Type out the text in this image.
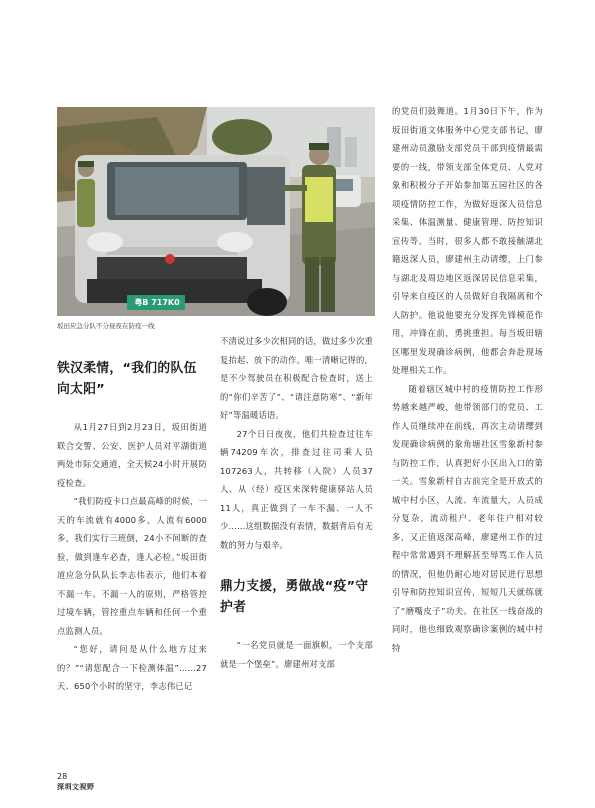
粤B 717K0
坂田应急分队不分昼夜在防疫一线
铁汉柔情，“我们的队伍向太阳”

从1月27日到2月23日，坂田街道联合交警、公安、医护人员对平湖街道两处市际交通道，全天候24小时开展防疫检查。

“我们防疫卡口点最高峰的时候，一天的车流就有4000多，人流有6000多，我们实行三班倒，24小不间断的查验，做到逢车必查，逢人必检。”坂田街道应急分队队长李志伟表示，他们本着不漏一车、不漏一人的原则，严格管控过境车辆，管控重点车辆和任何一个重点监测人员。

“您好，请问是从什么地方过来的？”“请您配合一下检测体温”……27天、650个小时的坚守，李志伟已记

不清说过多少次相同的话，做过多少次重复抬起、放下的动作。唯一清晰记得的，是不少驾驶员在积极配合检查时，送上的“你们辛苦了”、“请注意防寒”、“新年好”等温暖话语。

27个日日夜夜，他们共检查过往车辆74209车次，排查过往司乘人员107263人，共转移（入院）人员37人、从（经）疫区来深转健康驿站人员11人，真正做到了一车不漏、一人不少……这组数据没有表情，数据背后有无数的努力与艰辛。

鼎力支援，勇做战“疫”守护者

“一名党员就是一面旗帜，一个支部就是一个堡垒”。廖建州对支部

的党员们鼓舞道。1月30日下午，作为坂田街道文体服务中心党支部书记，廖建州动员激励支部党员干部到疫情最需要的一线，带领支部全体党员、人党对象和积极分子开始参加第五园社区的各项疫情防控工作，为做好返深人员信息采集、体温测量、健康管理、防控知识宣传等。当时，很多人都不敢接触湖北籍返深人员，廖建州主动请缨，上门参与湖北及周边地区返深居民信息采集，引导来自疫区的人员做好自我隔离和个人防护。他说他要充分发挥先锋模范作用，冲锋在前，勇挑重担。每当坂田辖区哪里发现确诊病例，他都会奔赴现场处理相关工作。

随着辖区城中村的疫情防控工作形势越来越严峻，他带领部门的党员、工作人员继续冲在前线，再次主动请缨到发现确诊病例的象角塘社区雪象新村参与防控工作，认真把好小区出入口的第一关。雪象新村自古前完全是开放式的城中村小区，人流、车流量大，人员成分复杂，流动租户、老年住户相对较多，又正值返深高峰，廖建州工作的过程中常常遇到不理解甚至辱骂工作人员的情况，但他仍耐心地对居民进行思想引导和防控知识宣传，短短几天就练就了“磨嘴皮子”功夫。在社区一线奋战的同时，他也细致观察确诊案例的城中村特

28
深圳文视野
